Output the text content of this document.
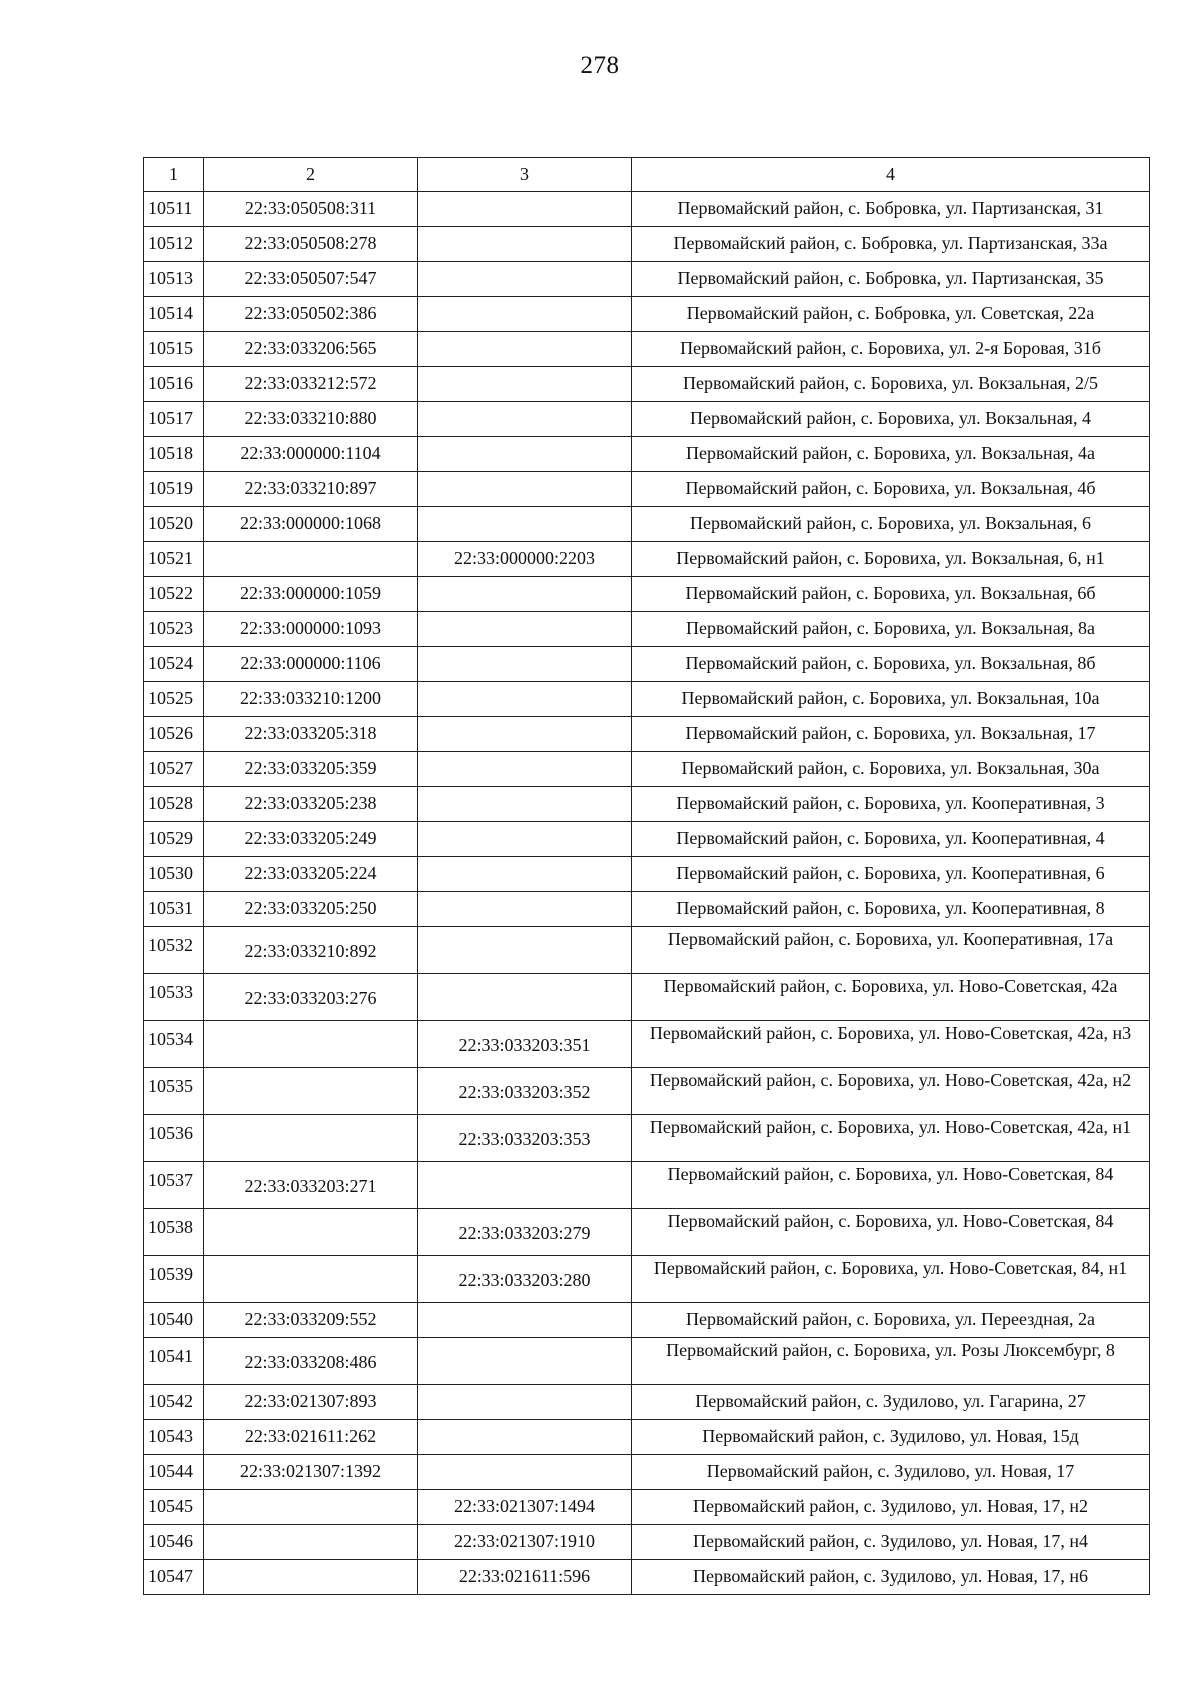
278
1	2	3	4
10511	22:33:050508:311		Первомайский район, с. Бобровка, ул. Партизанская, 31
10512	22:33:050508:278		Первомайский район, с. Бобровка, ул. Партизанская, 33а
10513	22:33:050507:547		Первомайский район, с. Бобровка, ул. Партизанская, 35
10514	22:33:050502:386		Первомайский район, с. Бобровка, ул. Советская, 22а
10515	22:33:033206:565		Первомайский район, с. Боровиха, ул. 2-я Боровая, 31б
10516	22:33:033212:572		Первомайский район, с. Боровиха, ул. Вокзальная, 2/5
10517	22:33:033210:880		Первомайский район, с. Боровиха, ул. Вокзальная, 4
10518	22:33:000000:1104		Первомайский район, с. Боровиха, ул. Вокзальная, 4а
10519	22:33:033210:897		Первомайский район, с. Боровиха, ул. Вокзальная, 4б
10520	22:33:000000:1068		Первомайский район, с. Боровиха, ул. Вокзальная, 6
10521		22:33:000000:2203	Первомайский район, с. Боровиха, ул. Вокзальная, 6, н1
10522	22:33:000000:1059		Первомайский район, с. Боровиха, ул. Вокзальная, 6б
10523	22:33:000000:1093		Первомайский район, с. Боровиха, ул. Вокзальная, 8а
10524	22:33:000000:1106		Первомайский район, с. Боровиха, ул. Вокзальная, 8б
10525	22:33:033210:1200		Первомайский район, с. Боровиха, ул. Вокзальная, 10а
10526	22:33:033205:318		Первомайский район, с. Боровиха, ул. Вокзальная, 17
10527	22:33:033205:359		Первомайский район, с. Боровиха, ул. Вокзальная, 30а
10528	22:33:033205:238		Первомайский район, с. Боровиха, ул. Кооперативная, 3
10529	22:33:033205:249		Первомайский район, с. Боровиха, ул. Кооперативная, 4
10530	22:33:033205:224		Первомайский район, с. Боровиха, ул. Кооперативная, 6
10531	22:33:033205:250		Первомайский район, с. Боровиха, ул. Кооперативная, 8
10532	22:33:033210:892		Первомайский район, с. Боровиха, ул. Кооперативная, 17а
10533	22:33:033203:276		Первомайский район, с. Боровиха, ул. Ново-Советская, 42а
10534		22:33:033203:351	Первомайский район, с. Боровиха, ул. Ново-Советская, 42а, н3
10535		22:33:033203:352	Первомайский район, с. Боровиха, ул. Ново-Советская, 42а, н2
10536		22:33:033203:353	Первомайский район, с. Боровиха, ул. Ново-Советская, 42а, н1
10537	22:33:033203:271		Первомайский район, с. Боровиха, ул. Ново-Советская, 84
10538		22:33:033203:279	Первомайский район, с. Боровиха, ул. Ново-Советская, 84
10539		22:33:033203:280	Первомайский район, с. Боровиха, ул. Ново-Советская, 84, н1
10540	22:33:033209:552		Первомайский район, с. Боровиха, ул. Переездная, 2а
10541	22:33:033208:486		Первомайский район, с. Боровиха, ул. Розы Люксембург, 8
10542	22:33:021307:893		Первомайский район, с. Зудилово, ул. Гагарина, 27
10543	22:33:021611:262		Первомайский район, с. Зудилово, ул. Новая, 15д
10544	22:33:021307:1392		Первомайский район, с. Зудилово, ул. Новая, 17
10545		22:33:021307:1494	Первомайский район, с. Зудилово, ул. Новая, 17, н2
10546		22:33:021307:1910	Первомайский район, с. Зудилово, ул. Новая, 17, н4
10547		22:33:021611:596	Первомайский район, с. Зудилово, ул. Новая, 17, н6
